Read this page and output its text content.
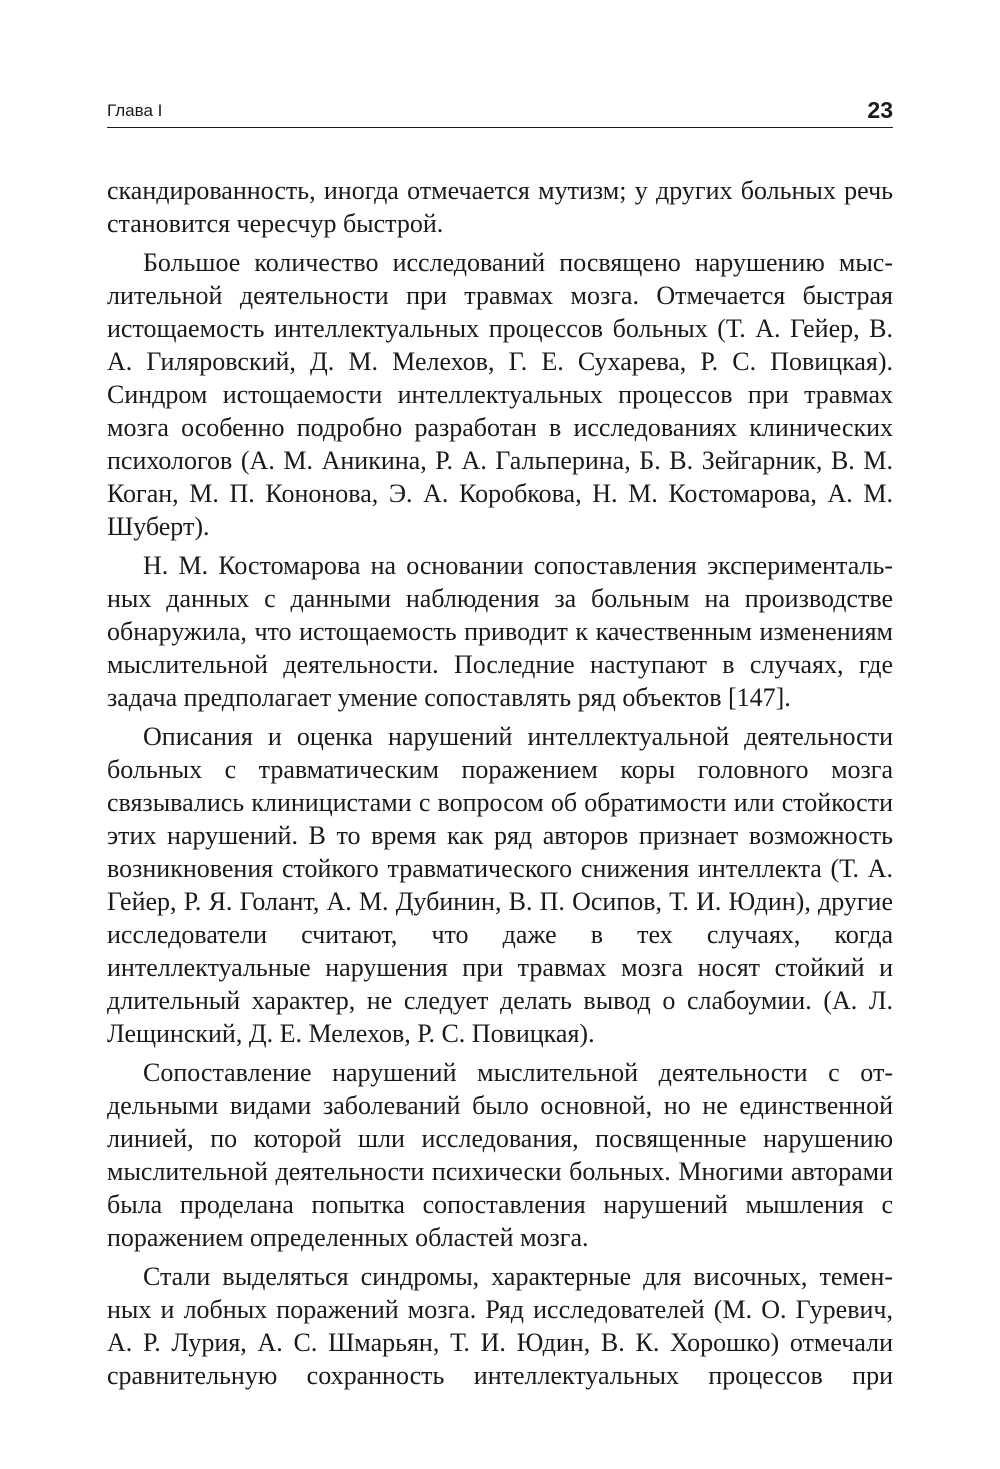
Глава I	23

скандированность, иногда отмечается мутизм; у других больных речь становится чересчур быстрой.

Большое количество исследований посвящено нарушению мыслительной деятельности при травмах мозга. Отмечается быстрая истощаемость интеллектуальных процессов больных (Т. А. Гейер, В. А. Гиляровский, Д. М. Мелехов, Г. Е. Сухарева, Р. С. Повицкая). Синдром истощаемости интеллектуальных процессов при травмах мозга особенно подробно разработан в исследованиях клинических психологов (А. М. Аникина, Р. А. Гальперина, Б. В. Зейгарник, В. М. Коган, М. П. Кононова, Э. А. Коробкова, Н. М. Костомарова, А. М. Шуберт).

Н. М. Костомарова на основании сопоставления экспериментальных данных с данными наблюдения за больным на производстве обнаружила, что истощаемость приводит к качественным изменениям мыслительной деятельности. Последние наступают в случаях, где задача предполагает умение сопоставлять ряд объектов [147].

Описания и оценка нарушений интеллектуальной деятельности больных с травматическим поражением коры головного мозга связывались клиницистами с вопросом об обратимости или стойкости этих нарушений. В то время как ряд авторов признает возможность возникновения стойкого травматического снижения интеллекта (Т. А. Гейер, Р. Я. Голант, А. М. Дубинин, В. П. Осипов, Т. И. Юдин), другие исследователи считают, что даже в тех случаях, когда интеллектуальные нарушения при травмах мозга носят стойкий и длительный характер, не следует делать вывод о слабоумии. (А. Л. Лещинский, Д. Е. Мелехов, Р. С. Повицкая).

Сопоставление нарушений мыслительной деятельности с отдельными видами заболеваний было основной, но не единственной линией, по которой шли исследования, посвященные нарушению мыслительной деятельности психически больных. Многими авторами была проделана попытка сопоставления нарушений мышления с поражением определенных областей мозга.

Стали выделяться синдромы, характерные для височных, теменных и лобных поражений мозга. Ряд исследователей (М. О. Гуревич, А. Р. Лурия, А. С. Шмарьян, Т. И. Юдин, В. К. Хорошко) отмечали сравнительную сохранность интеллектуальных процессов при
